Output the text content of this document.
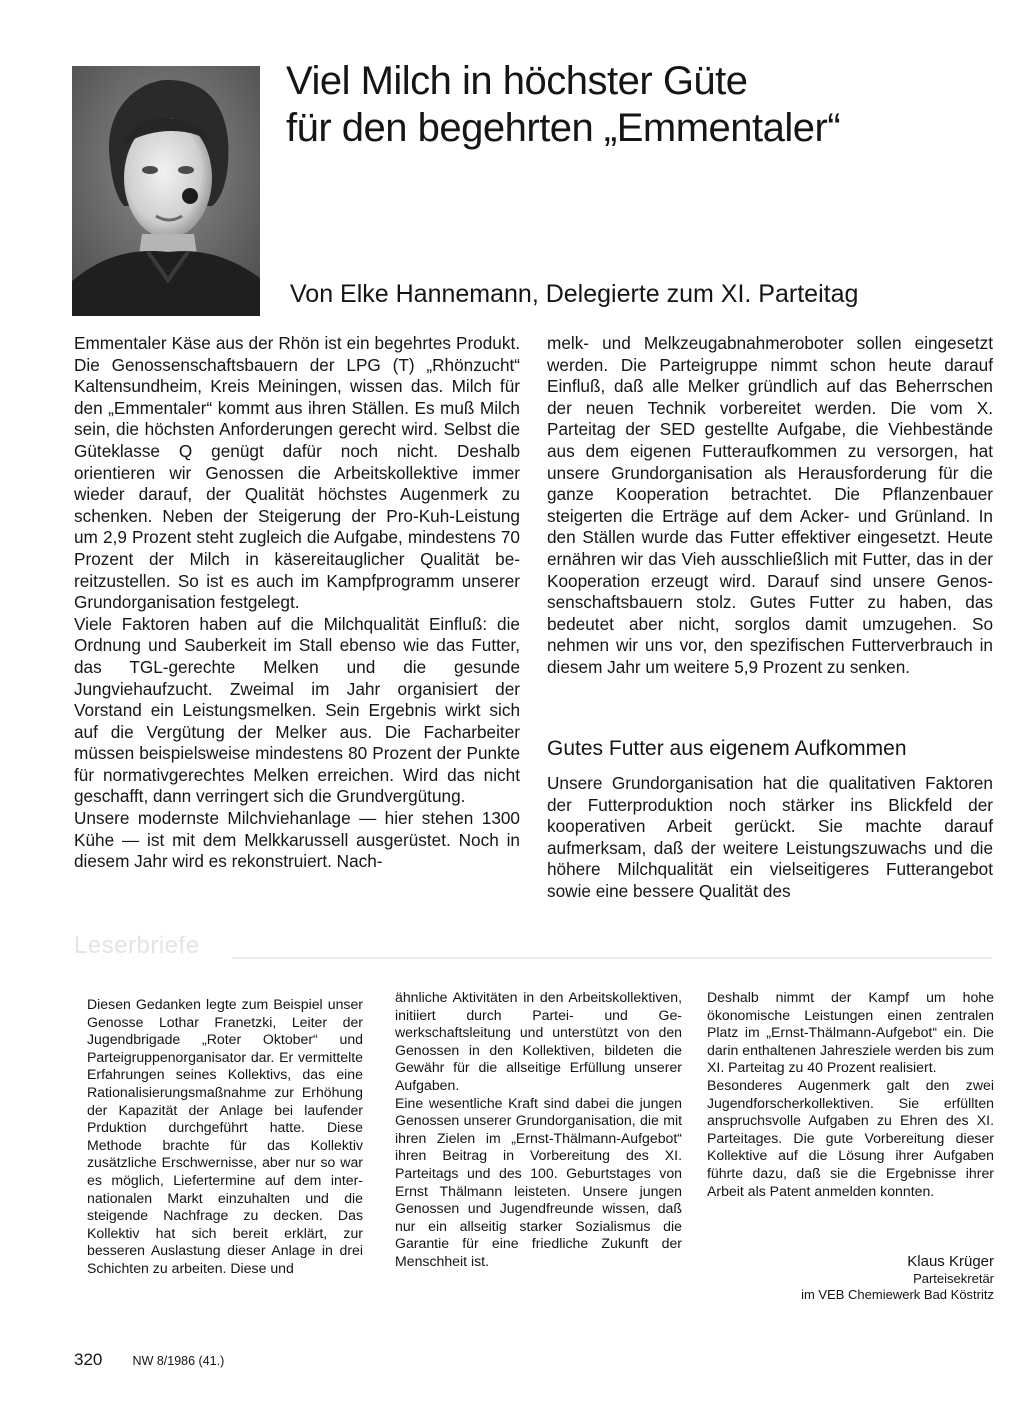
Viel Milch in höchster Güte
für den begehrten „Emmentaler“
Von Elke Hannemann, Delegierte zum XI. Parteitag

Emmentaler Käse aus der Rhön ist ein begehrtes Produkt. Die Genossenschaftsbauern der LPG (T) „Rhönzucht“ Kaltensundheim, Kreis Meiningen, wissen das. Milch für den „Emmentaler“ kommt aus ihren Ställen. Es muß Milch sein, die höchsten Anforderungen gerecht wird. Selbst die Güteklasse Q genügt dafür noch nicht. Deshalb orientieren wir Genossen die Arbeitskollektive immer wieder darauf, der Qualität höchstes Augenmerk zu schenken. Neben der Steigerung der Pro-Kuh-Leistung um 2,9 Prozent steht zugleich die Aufgabe, mindestens 70 Prozent der Milch in käsereitauglicher Qualität bereitzustellen. So ist es auch im Kampfprogramm unserer Grundorganisation festgelegt.

Viele Faktoren haben auf die Milchqualität Einfluß: die Ordnung und Sauberkeit im Stall ebenso wie das Futter, das TGL-gerechte Melken und die gesunde Jungviehaufzucht. Zweimal im Jahr organisiert der Vorstand ein Leistungsmelken. Sein Ergebnis wirkt sich auf die Vergütung der Melker aus. Die Facharbeiter müssen beispielsweise mindestens 80 Prozent der Punkte für normativgerechtes Melken erreichen. Wird das nicht geschafft, dann verringert sich die Grundvergütung.

Unsere modernste Milchviehanlage — hier stehen 1300 Kühe — ist mit dem Melkkarussell ausgerüstet. Noch in diesem Jahr wird es rekonstruiert. Nach-

melk- und Melkzeugabnahmeroboter sollen eingesetzt werden. Die Parteigruppe nimmt schon heute darauf Einfluß, daß alle Melker gründlich auf das Beherrschen der neuen Technik vorbereitet werden. Die vom X. Parteitag der SED gestellte Aufgabe, die Viehbestände aus dem eigenen Futteraufkommen zu versorgen, hat unsere Grundorganisation als Herausforderung für die ganze Kooperation betrachtet. Die Pflanzenbauer steigerten die Erträge auf dem Acker- und Grünland. In den Ställen wurde das Futter effektiver eingesetzt. Heute ernähren wir das Vieh ausschließlich mit Futter, das in der Kooperation erzeugt wird. Darauf sind unsere Genossenschaftsbauern stolz. Gutes Futter zu haben, das bedeutet aber nicht, sorglos damit umzugehen. So nehmen wir uns vor, den spezifischen Futterverbrauch in diesem Jahr um weitere 5,9 Prozent zu senken.

Gutes Futter aus eigenem Aufkommen

Unsere Grundorganisation hat die qualitativen Faktoren der Futterproduktion noch stärker ins Blickfeld der kooperativen Arbeit gerückt. Sie machte darauf aufmerksam, daß der weitere Leistungszuwachs und die höhere Milchqualität ein vielseitigeres Futterangebot sowie eine bessere Qualität des

Leserbriefe

Diesen Gedanken legte zum Beispiel unser Genosse Lothar Franetzki, Leiter der Jugendbrigade „Roter Oktober“ und Parteigruppenorganisator dar. Er vermittelte Erfahrungen seines Kollektivs, das eine Rationalisierungsmaßnahme zur Erhöhung der Kapazität der Anlage bei laufender Prduktion durchgeführt hatte. Diese Methode brachte für das Kollektiv zusätzliche Erschwernisse, aber nur so war es möglich, Liefertermine auf dem internationalen Markt einzuhalten und die steigende Nachfrage zu decken. Das Kollektiv hat sich bereit erklärt, zur besseren Auslastung dieser Anlage in drei Schichten zu arbeiten. Diese und

ähnliche Aktivitäten in den Arbeitskollektiven, initiiert durch Partei- und Gewerkschaftsleitung und unterstützt von den Genossen in den Kollektiven, bildeten die Gewähr für die allseitige Erfüllung unserer Aufgaben.

Eine wesentliche Kraft sind dabei die jungen Genossen unserer Grundorganisation, die mit ihren Zielen im „Ernst-Thälmann-Aufgebot“ ihren Beitrag in Vorbereitung des XI. Parteitags und des 100. Geburtstages von Ernst Thälmann leisteten. Unsere jungen Genossen und Jugendfreunde wissen, daß nur ein allseitig starker Sozialismus die Garantie für eine friedliche Zukunft der Menschheit ist.

Deshalb nimmt der Kampf um hohe ökonomische Leistungen einen zentralen Platz im „Ernst-Thälmann-Aufgebot“ ein. Die darin enthaltenen Jahresziele werden bis zum XI. Parteitag zu 40 Prozent realisiert.

Besonderes Augenmerk galt den zwei Jugendforscherkollektiven. Sie erfüllten anspruchsvolle Aufgaben zu Ehren des XI. Parteitages. Die gute Vorbereitung dieser Kollektive auf die Lösung ihrer Aufgaben führte dazu, daß sie die Ergebnisse ihrer Arbeit als Patent anmelden konnten.

Klaus Krüger
Parteisekretär
im VEB Chemiewerk Bad Köstritz
320 NW 8/1986 (41.)
